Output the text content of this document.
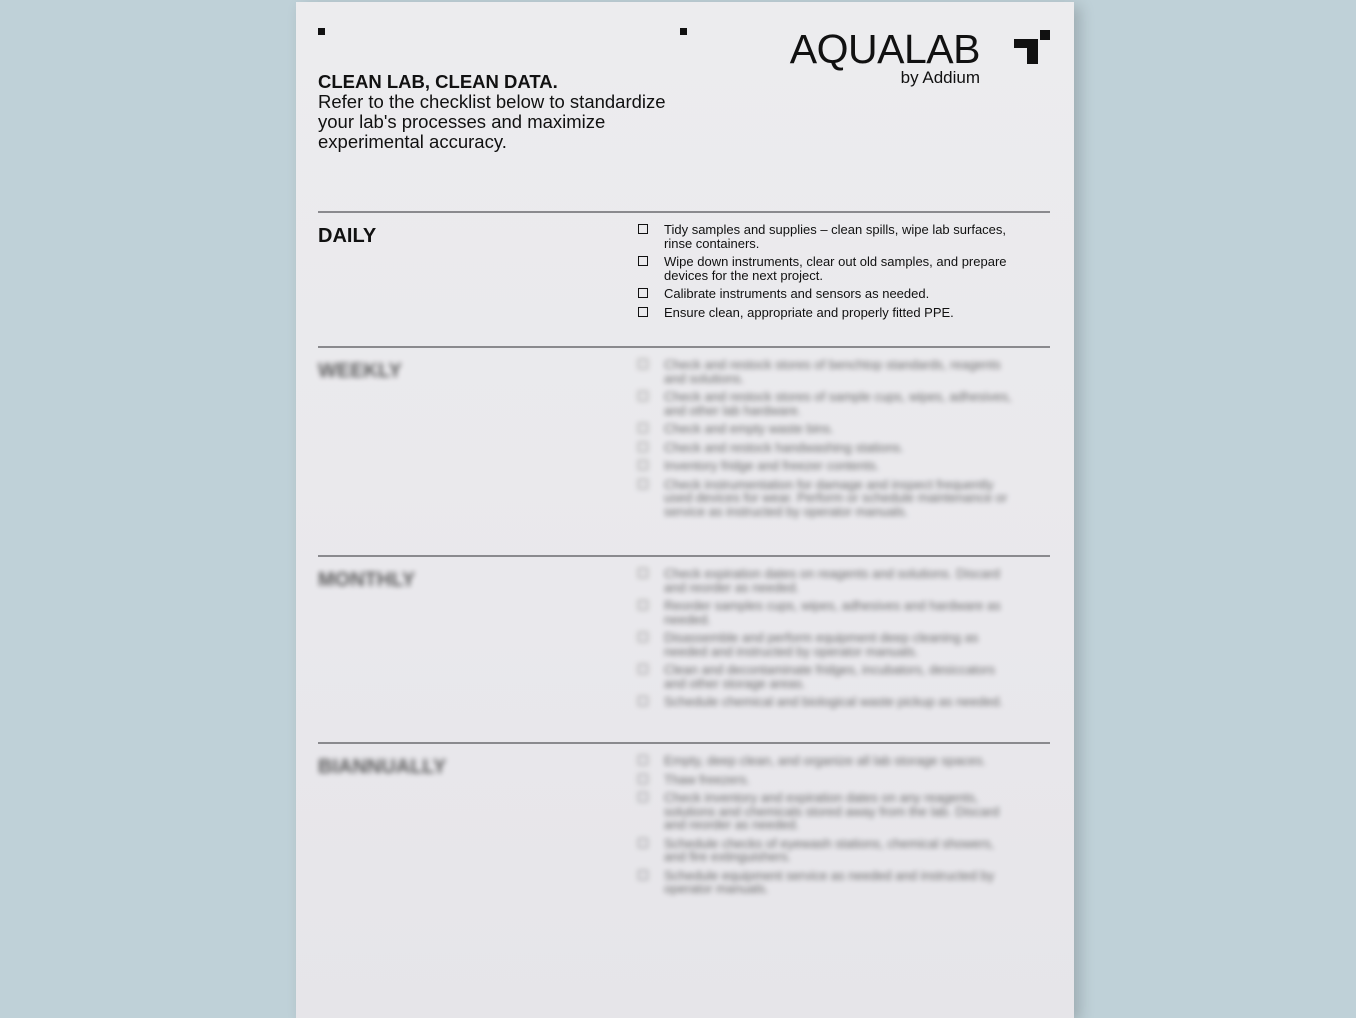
CLEAN LAB, CLEAN DATA.
Refer to the checklist below to standardize your lab's processes and maximize experimental accuracy.
AQUALAB
by Addium
DAILY	Tidy samples and supplies – clean spills, wipe lab surfaces, rinse containers.
Wipe down instruments, clear out old samples, and prepare devices for the next project.
Calibrate instruments and sensors as needed.
Ensure clean, appropriate and properly fitted PPE.
WEEKLY	Check and restock stores of benchtop standards, reagents and solutions.
Check and restock stores of sample cups, wipes, adhesives, and other lab hardware.
Check and empty waste bins.
Check and restock handwashing stations.
Inventory fridge and freezer contents.
Check instrumentation for damage and inspect frequently used devices for wear. Perform or schedule maintenance or service as instructed by operator manuals.
MONTHLY	Check expiration dates on reagents and solutions. Discard and reorder as needed.
Reorder samples cups, wipes, adhesives and hardware as needed.
Disassemble and perform equipment deep cleaning as needed and instructed by operator manuals.
Clean and decontaminate fridges, incubators, desiccators and other storage areas.
Schedule chemical and biological waste pickup as needed.
BIANNUALLY	Empty, deep clean, and organize all lab storage spaces.
Thaw freezers.
Check inventory and expiration dates on any reagents, solutions and chemicals stored away from the lab. Discard and reorder as needed.
Schedule checks of eyewash stations, chemical showers, and fire extinguishers.
Schedule equipment service as needed and instructed by operator manuals.
